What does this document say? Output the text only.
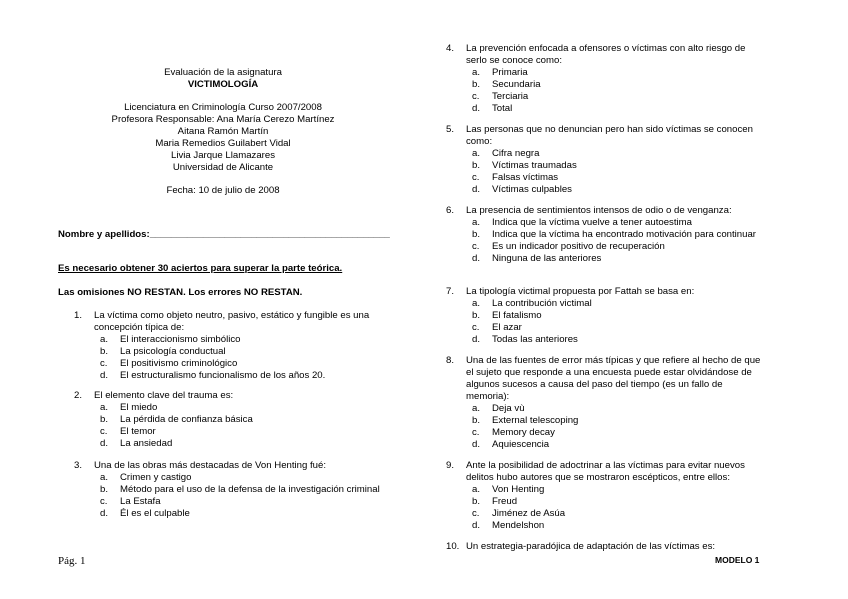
Evaluación de la asignatura
VICTIMOLOGÍA
Licenciatura en Criminología Curso 2007/2008
Profesora Responsable: Ana María Cerezo Martínez
Aitana Ramón Martín
Maria Remedios Guilabert Vidal
Livia Jarque Llamazares
Universidad de Alicante
Fecha: 10 de julio de 2008
Nombre y apellidos:_____________________________________________
Es necesario obtener 30 aciertos para superar la parte teórica.
Las omisiones NO RESTAN. Los errores NO RESTAN.
1.	La víctima como objeto neutro, pasivo, estático y fungible es una concepción típica de:
a.	El interaccionismo simbólico
b.	La psicología conductual
c.	El positivismo criminológico
d.	El estructuralismo funcionalismo de los años 20.
2.	El elemento clave del trauma es:
a.	El miedo
b.	La pérdida de confianza básica
c.	El temor
d.	La ansiedad
3.	Una de las obras más destacadas de Von Henting fué:
a.	Crimen y castigo
b.	Método para el uso de la defensa de la investigación criminal
c.	La Estafa
d.	Él es el culpable
4.	La prevención enfocada a ofensores o víctimas con alto riesgo de serlo se conoce como:
a.	Primaria
b.	Secundaria
c.	Terciaria
d.	Total
5.	Las personas que no denuncian pero han sido víctimas se conocen como:
a.	Cifra negra
b.	Víctimas traumadas
c.	Falsas víctimas
d.	Víctimas culpables
6.	La presencia de sentimientos intensos de odio o de venganza:
a.	Indica que la víctima vuelve a tener autoestima
b.	Indica que la víctima ha encontrado motivación para continuar
c.	Es un indicador positivo de recuperación
d.	Ninguna de las anteriores
7.	La tipología victimal propuesta por Fattah se basa en:
a.	La contribución victimal
b.	El fatalismo
c.	El azar
d.	Todas las anteriores
8.	Una de las fuentes de error más típicas y que refiere al hecho de que el sujeto que responde a una encuesta puede estar olvidándose de algunos sucesos a causa del paso del tiempo (es un fallo de memoria):
a.	Deja vù
b.	External telescoping
c.	Memory decay
d.	Aquiescencia
9.	Ante la posibilidad de adoctrinar a las víctimas para evitar nuevos delitos hubo autores que se mostraron escépticos, entre ellos:
a.	Von Henting
b.	Freud
c.	Jiménez de Asúa
d.	Mendelshon
10. Un estrategia-paradójica de adaptación de las víctimas es:
Pág. 1	MODELO 1
